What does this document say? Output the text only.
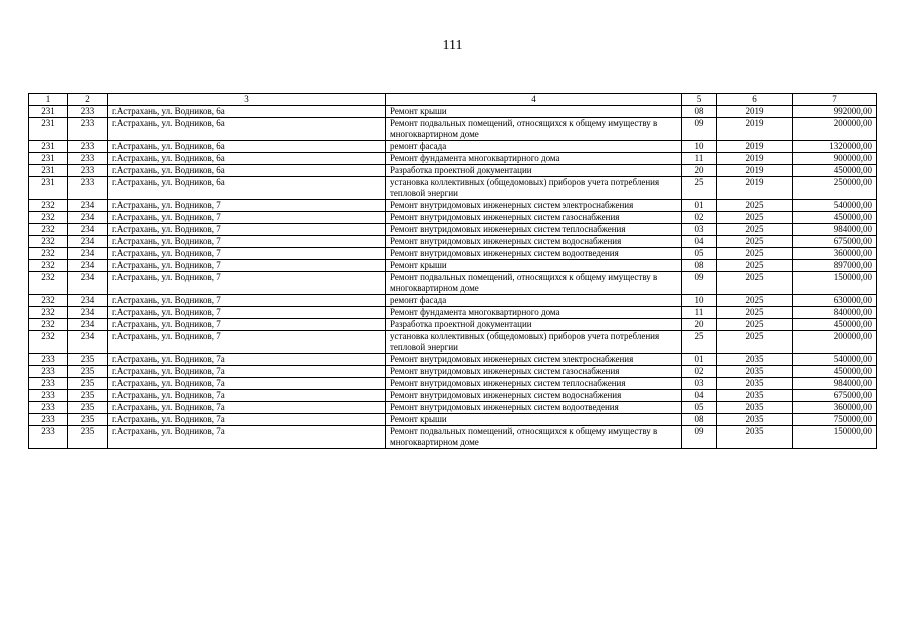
111
1	2	3	4	5	6	7
231	233	г.Астрахань, ул. Водников, 6а	Ремонт крыши	08	2019	992000,00
231	233	г.Астрахань, ул. Водников, 6а	Ремонт подвальных помещений, относящихся к общему имуществу в многоквартирном доме	09	2019	200000,00
231	233	г.Астрахань, ул. Водников, 6а	ремонт фасада	10	2019	1320000,00
231	233	г.Астрахань, ул. Водников, 6а	Ремонт фундамента многоквартирного дома	11	2019	900000,00
231	233	г.Астрахань, ул. Водников, 6а	Разработка проектной документации	20	2019	450000,00
231	233	г.Астрахань, ул. Водников, 6а	установка коллективных (общедомовых) приборов учета потребления тепловой энергии	25	2019	250000,00
232	234	г.Астрахань, ул. Водников, 7	Ремонт внутридомовых инженерных систем электроснабжения	01	2025	540000,00
232	234	г.Астрахань, ул. Водников, 7	Ремонт внутридомовых инженерных систем газоснабжения	02	2025	450000,00
232	234	г.Астрахань, ул. Водников, 7	Ремонт внутридомовых инженерных систем теплоснабжения	03	2025	984000,00
232	234	г.Астрахань, ул. Водников, 7	Ремонт внутридомовых инженерных систем водоснабжения	04	2025	675000,00
232	234	г.Астрахань, ул. Водников, 7	Ремонт внутридомовых инженерных систем водоотведения	05	2025	360000,00
232	234	г.Астрахань, ул. Водников, 7	Ремонт крыши	08	2025	897000,00
232	234	г.Астрахань, ул. Водников, 7	Ремонт подвальных помещений, относящихся к общему имуществу в многоквартирном доме	09	2025	150000,00
232	234	г.Астрахань, ул. Водников, 7	ремонт фасада	10	2025	630000,00
232	234	г.Астрахань, ул. Водников, 7	Ремонт фундамента многоквартирного дома	11	2025	840000,00
232	234	г.Астрахань, ул. Водников, 7	Разработка проектной документации	20	2025	450000,00
232	234	г.Астрахань, ул. Водников, 7	установка коллективных (общедомовых) приборов учета потребления тепловой энергии	25	2025	200000,00
233	235	г.Астрахань, ул. Водников, 7а	Ремонт внутридомовых инженерных систем электроснабжения	01	2035	540000,00
233	235	г.Астрахань, ул. Водников, 7а	Ремонт внутридомовых инженерных систем газоснабжения	02	2035	450000,00
233	235	г.Астрахань, ул. Водников, 7а	Ремонт внутридомовых инженерных систем теплоснабжения	03	2035	984000,00
233	235	г.Астрахань, ул. Водников, 7а	Ремонт внутридомовых инженерных систем водоснабжения	04	2035	675000,00
233	235	г.Астрахань, ул. Водников, 7а	Ремонт внутридомовых инженерных систем водоотведения	05	2035	360000,00
233	235	г.Астрахань, ул. Водников, 7а	Ремонт крыши	08	2035	750000,00
233	235	г.Астрахань, ул. Водников, 7а	Ремонт подвальных помещений, относящихся к общему имуществу в многоквартирном доме	09	2035	150000,00
